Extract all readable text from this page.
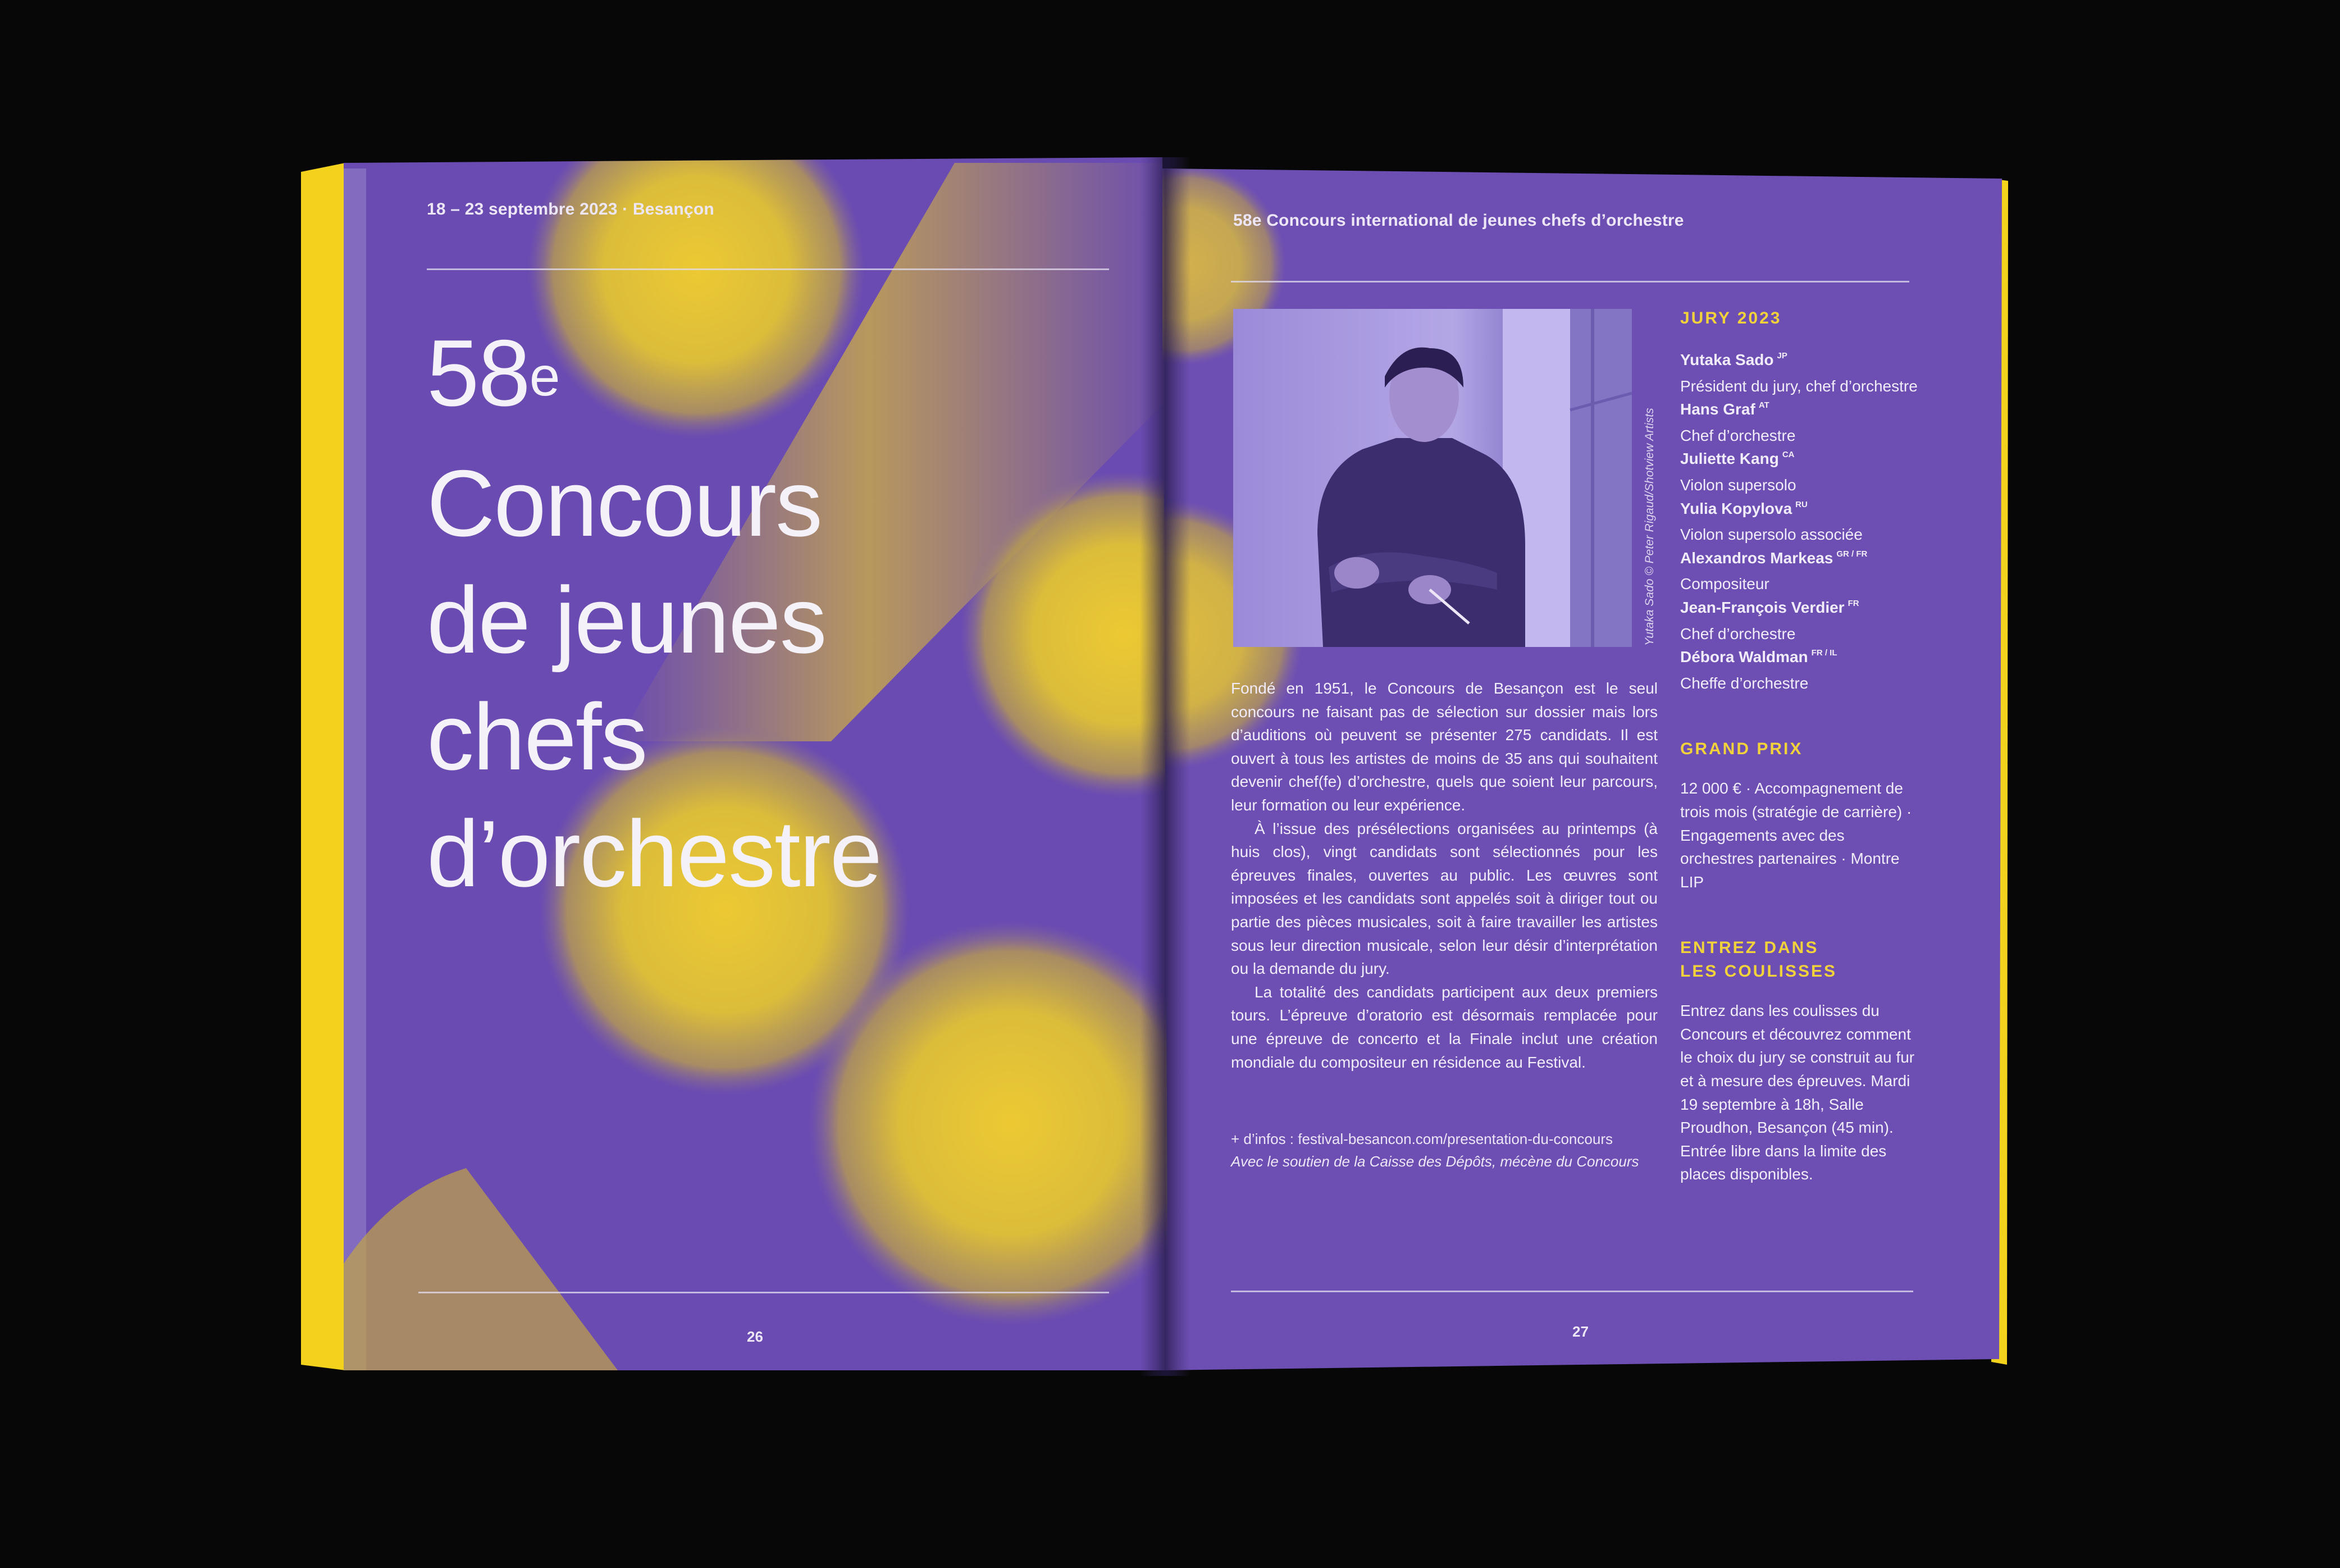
18 – 23 septembre 2023 · Besançon
58e
Concours
de jeunes
chefs
d’orchestre
26
58e Concours international de jeunes chefs d’orchestre
Yutaka Sado © Peter Rigaud/Shotview Artists

Fondé en 1951, le Concours de Besançon est le seul concours ne faisant pas de sélection sur dossier mais lors d’auditions où peuvent se présenter 275 candidats. Il est ouvert à tous les artistes de moins de 35 ans qui souhaitent devenir chef(fe) d’orchestre, quels que soient leur parcours, leur formation ou leur expérience.

À l’issue des présélections organisées au printemps (à huis clos), vingt candidats sont sélectionnés pour les épreuves finales, ouvertes au public. Les œuvres sont imposées et les candidats sont appelés soit à diriger tout ou partie des pièces musicales, soit à faire travailler les artistes sous leur direction musicale, selon leur désir d’interprétation ou la demande du jury.

La totalité des candidats participent aux deux premiers tours. L’épreuve d’oratorio est désormais remplacée pour une épreuve de concerto et la Finale inclut une création mondiale du compositeur en résidence au Festival.

+ d’infos : festival-besancon.com/presentation-du-concours
Avec le soutien de la Caisse des Dépôts, mécène du Concours
JURY 2023
Yutaka Sado $^{JP}$
Président du jury, chef d’orchestre
Hans Graf $^{AT}$
Chef d’orchestre
Juliette Kang $^{CA}$
Violon supersolo
Yulia Kopylova $^{RU}$
Violon supersolo associée
Alexandros Markeas $^{GR / FR}$
Compositeur
Jean-François Verdier $^{FR}$
Chef d’orchestre
Débora Waldman $^{FR / IL}$
Cheffe d’orchestre
GRAND PRIX
12 000 € · Accompagnement de trois mois (stratégie de carrière) · Engagements avec des orchestres partenaires · Montre LIP
ENTREZ DANS
LES COULISSES
Entrez dans les coulisses du Concours et découvrez comment le choix du jury se construit au fur et à mesure des épreuves. Mardi 19 septembre à 18h, Salle Proudhon, Besançon (45 min). Entrée libre dans la limite des places disponibles.
27
